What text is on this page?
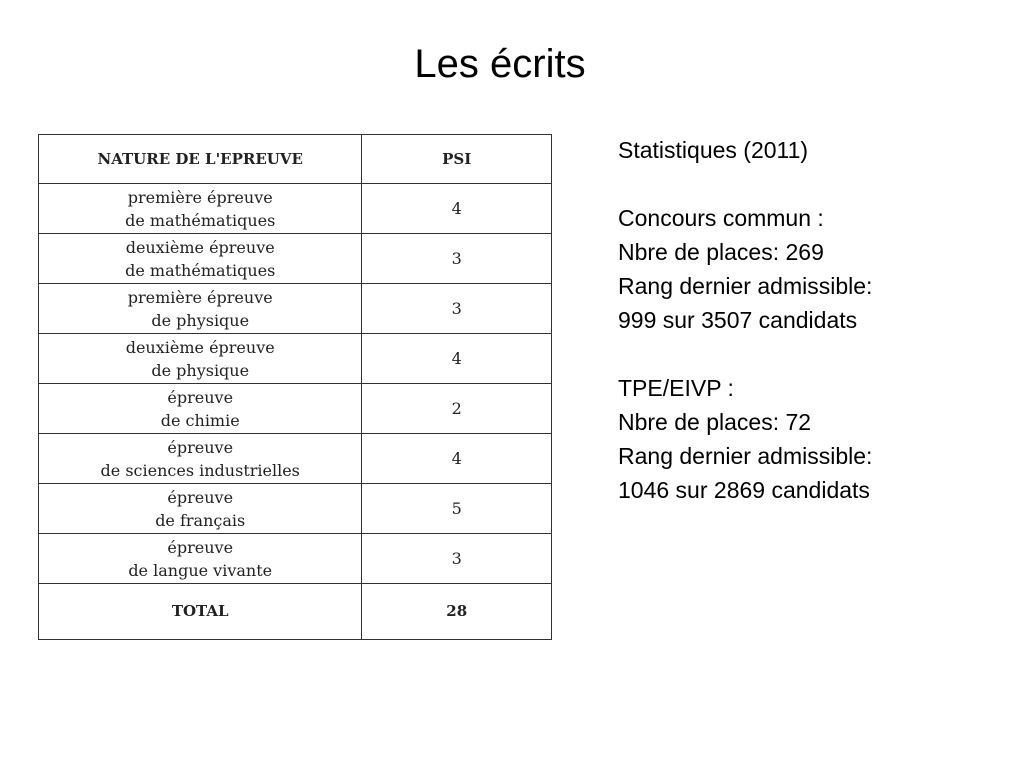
Les écrits
NATURE DE L'EPREUVE	PSI
première épreuve
de mathématiques	4
deuxième épreuve
de mathématiques	3
première épreuve
de physique	3
deuxième épreuve
de physique	4
épreuve
de chimie	2
épreuve
de sciences industrielles	4
épreuve
de français	5
épreuve
de langue vivante	3
TOTAL	28
Statistiques (2011)
Concours commun :
Nbre de places: 269
Rang dernier admissible:
999 sur 3507 candidats
TPE/EIVP :
Nbre de places: 72
Rang dernier admissible:
1046 sur 2869 candidats
